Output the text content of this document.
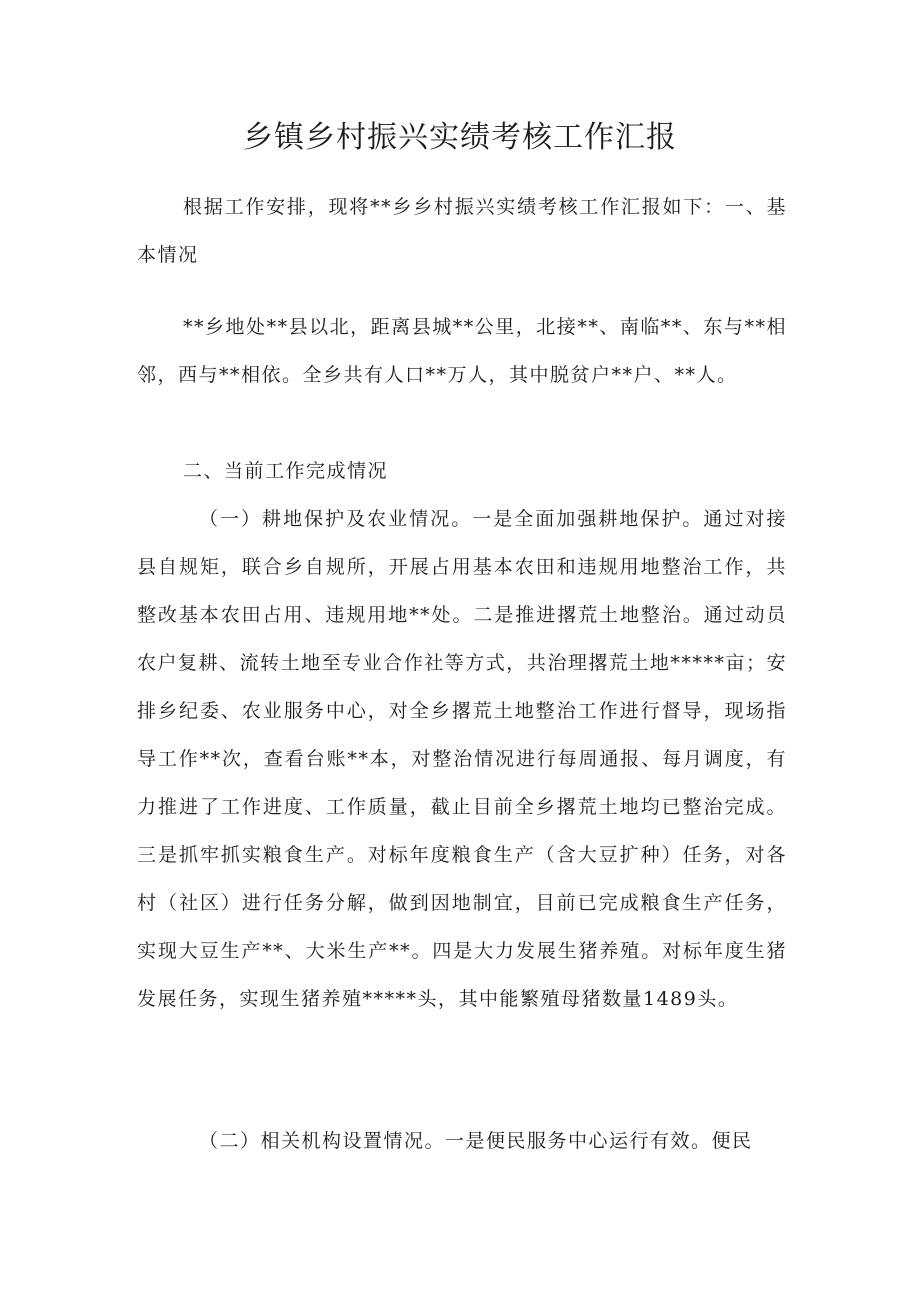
乡镇乡村振兴实绩考核工作汇报

根据工作安排，现将**乡乡村振兴实绩考核工作汇报如下：一、基本情况

**乡地处**县以北，距离县城**公里，北接**、南临**、东与**相邻，西与**相依。全乡共有人口**万人，其中脱贫户**户、**人。

二、当前工作完成情况

（一）耕地保护及农业情况。一是全面加强耕地保护。通过对接县自规矩，联合乡自规所，开展占用基本农田和违规用地整治工作，共整改基本农田占用、违规用地**处。二是推进撂荒土地整治。通过动员农户复耕、流转土地至专业合作社等方式，共治理撂荒土地*****亩；安排乡纪委、农业服务中心，对全乡撂荒土地整治工作进行督导，现场指导工作**次，查看台账**本，对整治情况进行每周通报、每月调度，有力推进了工作进度、工作质量，截止目前全乡撂荒土地均已整治完成。三是抓牢抓实粮食生产。对标年度粮食生产（含大豆扩种）任务，对各村（社区）进行任务分解，做到因地制宜，目前已完成粮食生产任务，实现大豆生产**、大米生产**。四是大力发展生猪养殖。对标年度生猪发展任务，实现生猪养殖*****头，其中能繁殖母猪数量1489头。

（二）相关机构设置情况。一是便民服务中心运行有效。便民
